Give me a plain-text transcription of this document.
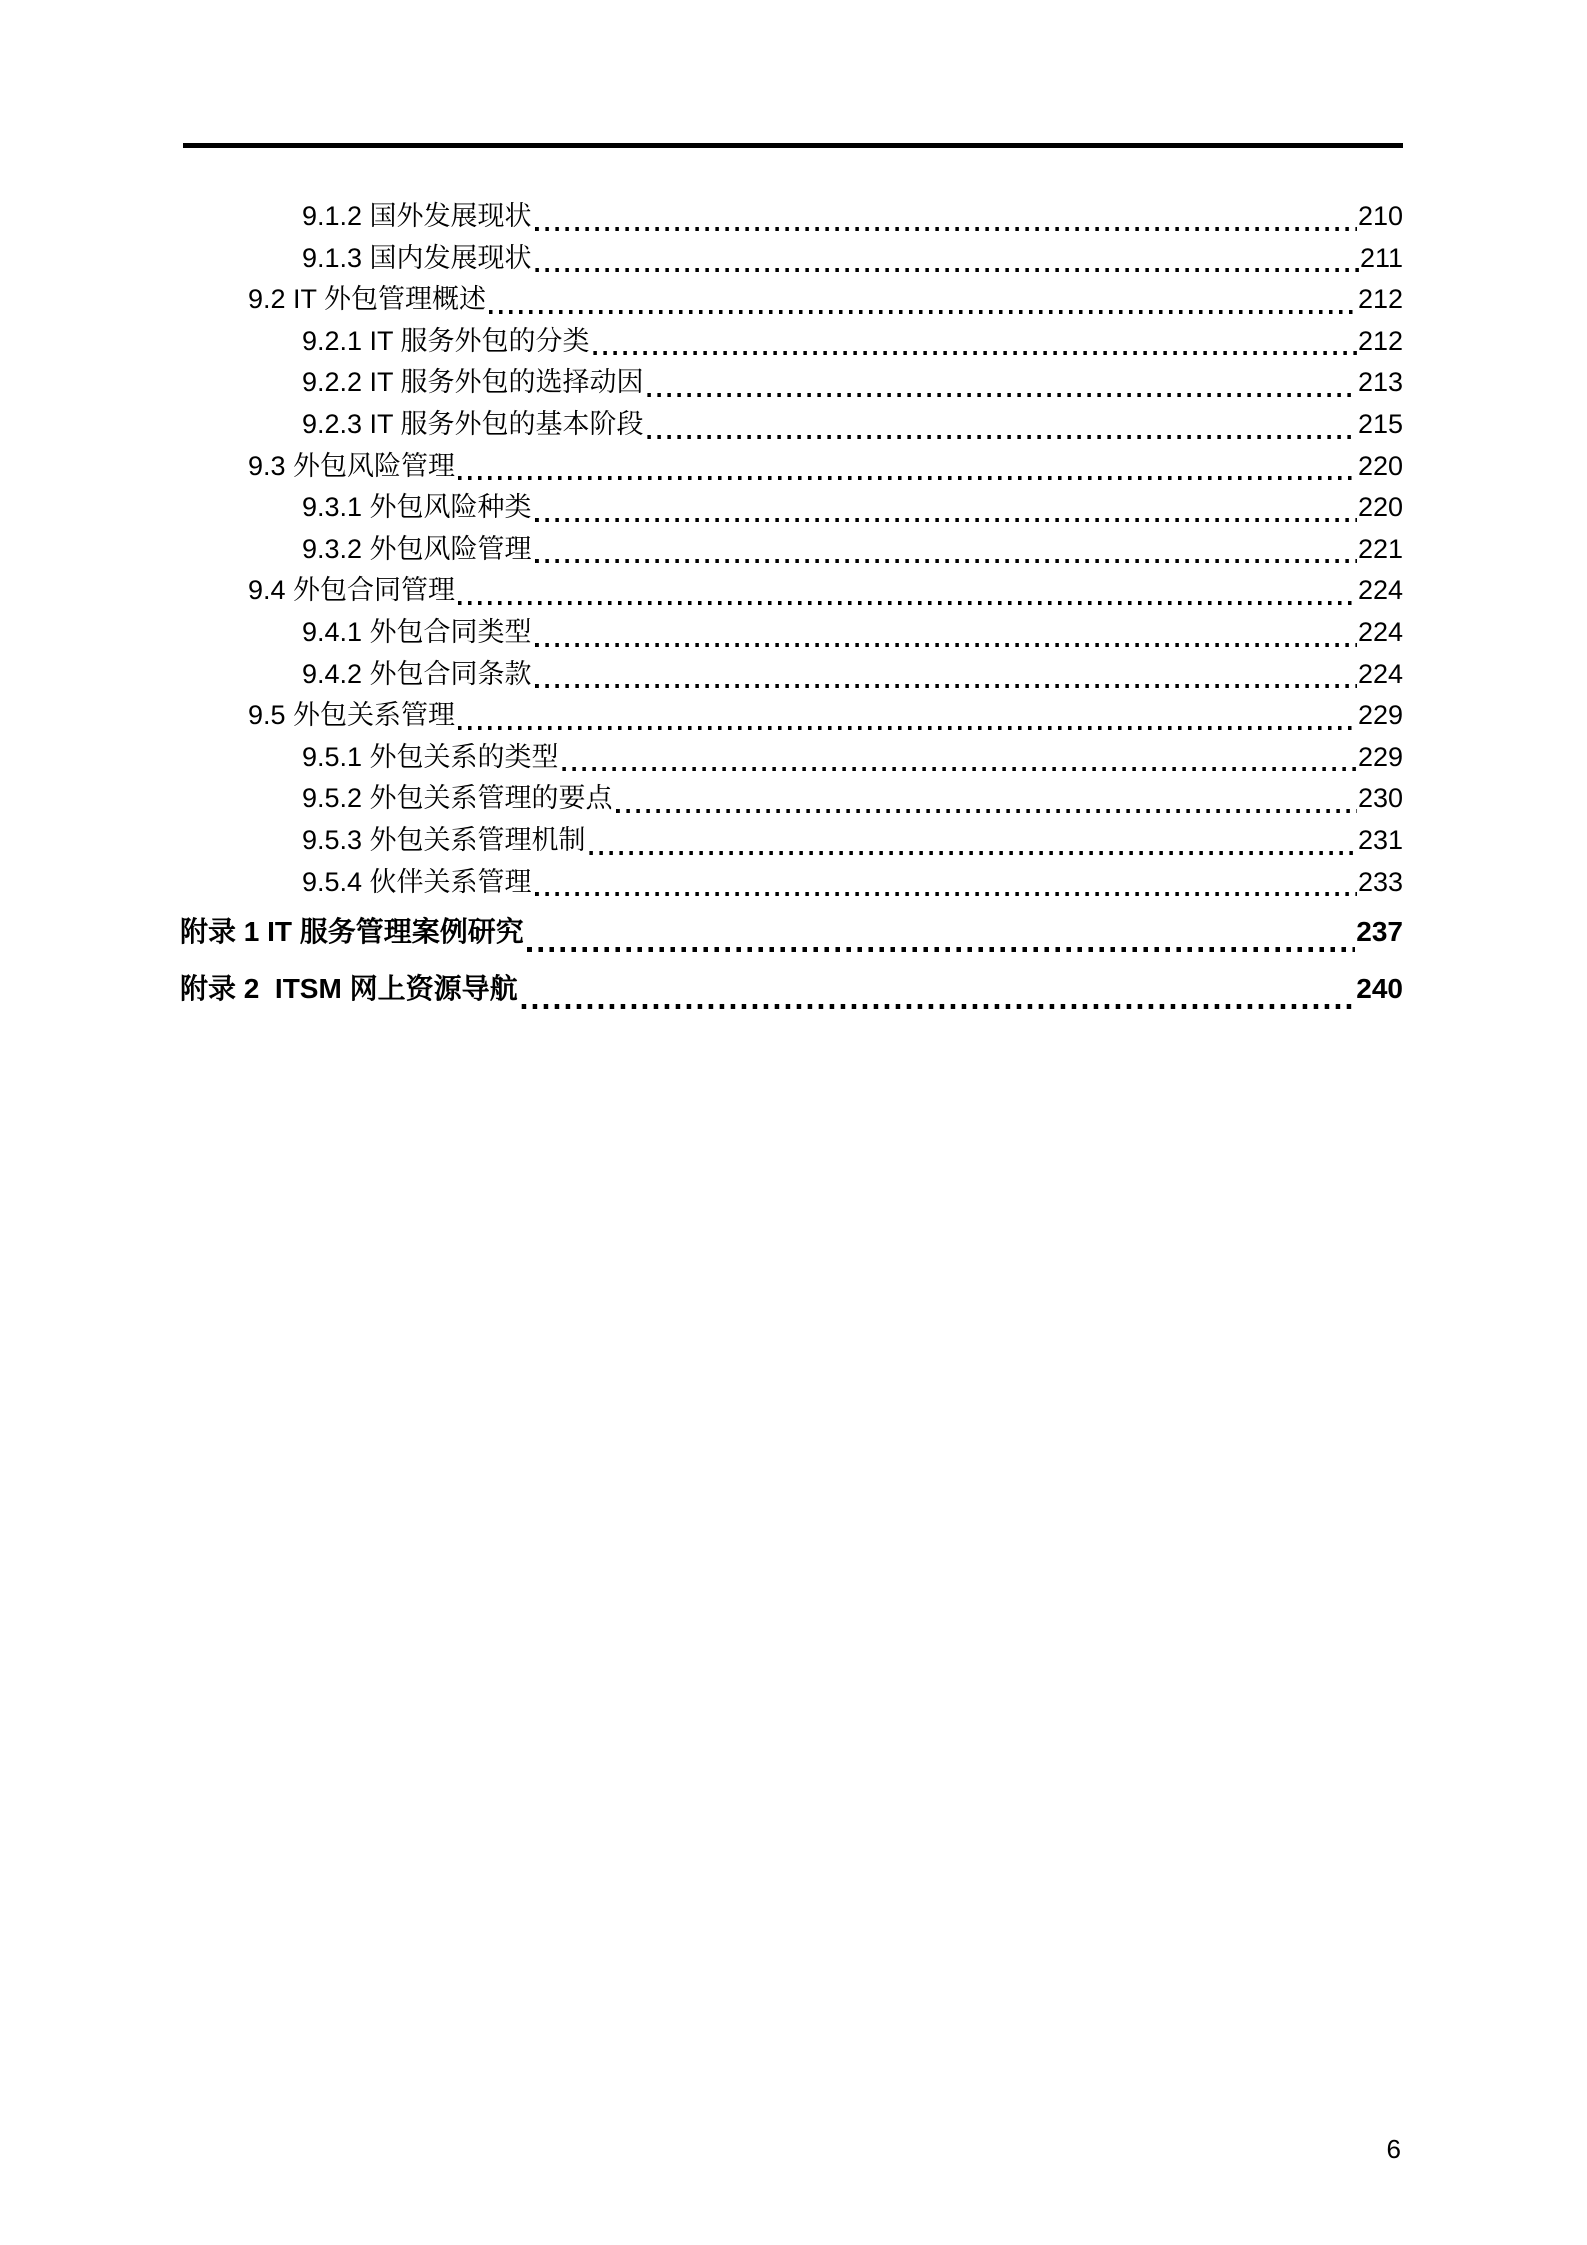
9.1.2 国外发展现状	210
9.1.3 国内发展现状	211
9.2 IT 外包管理概述	212
9.2.1 IT 服务外包的分类	212
9.2.2 IT 服务外包的选择动因	213
9.2.3 IT 服务外包的基本阶段	215
9.3 外包风险管理	220
9.3.1 外包风险种类	220
9.3.2 外包风险管理	221
9.4 外包合同管理	224
9.4.1 外包合同类型	224
9.4.2 外包合同条款	224
9.5 外包关系管理	229
9.5.1 外包关系的类型	229
9.5.2 外包关系管理的要点	230
9.5.3 外包关系管理机制	231
9.5.4 伙伴关系管理	233
附录 1 IT 服务管理案例研究	237
附录 2  ITSM 网上资源导航	240
6
